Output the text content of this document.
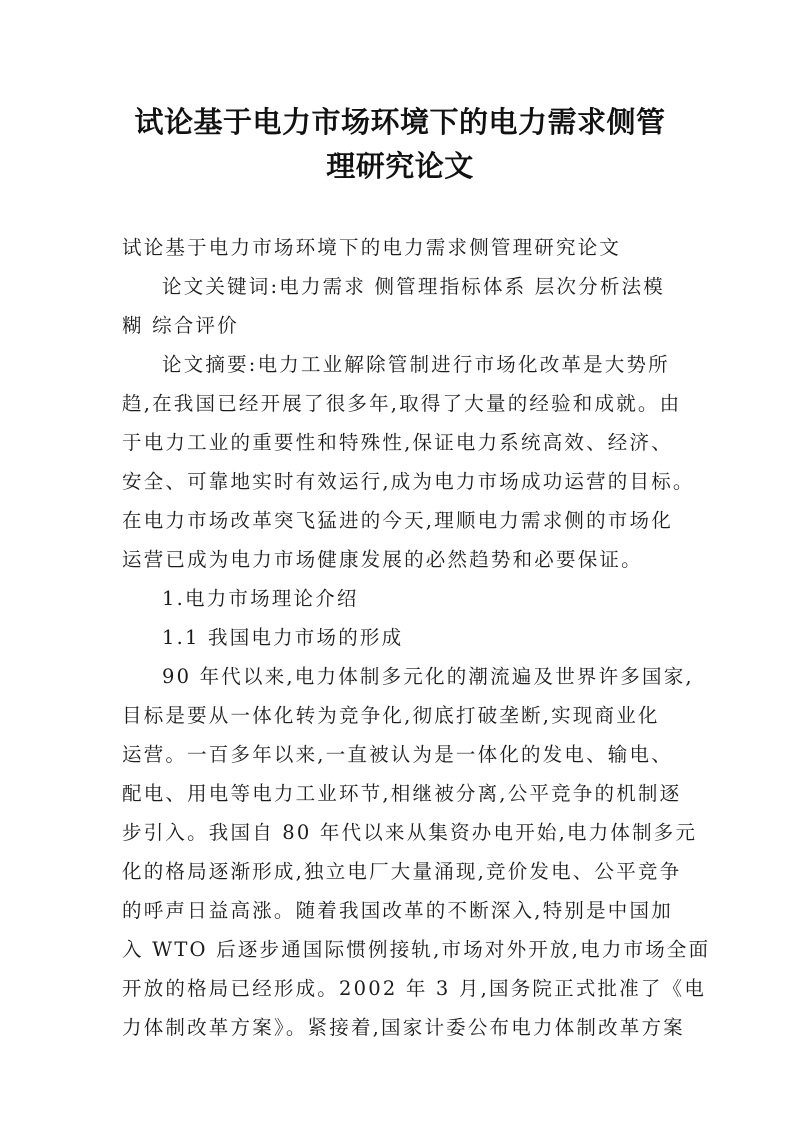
试论基于电力市场环境下的电力需求侧管
理研究论文
试论基于电力市场环境下的电力需求侧管理研究论文
论文关键词:电力需求 侧管理指标体系 层次分析法模
糊 综合评价
论文摘要:电力工业解除管制进行市场化改革是大势所
趋,在我国已经开展了很多年,取得了大量的经验和成就。由
于电力工业的重要性和特殊性,保证电力系统高效、经济、
安全、可靠地实时有效运行,成为电力市场成功运营的目标。
在电力市场改革突飞猛进的今天,理顺电力需求侧的市场化
运营已成为电力市场健康发展的必然趋势和必要保证。
1.电力市场理论介绍
1.1 我国电力市场的形成
90 年代以来,电力体制多元化的潮流遍及世界许多国家,
目标是要从一体化转为竞争化,彻底打破垄断,实现商业化
运营。一百多年以来,一直被认为是一体化的发电、输电、
配电、用电等电力工业环节,相继被分离,公平竞争的机制逐
步引入。我国自 80 年代以来从集资办电开始,电力体制多元
化的格局逐渐形成,独立电厂大量涌现,竞价发电、公平竞争
的呼声日益高涨。随着我国改革的不断深入,特别是中国加
入 WTO 后逐步通国际惯例接轨,市场对外开放,电力市场全面
开放的格局已经形成。2002 年 3 月,国务院正式批准了《电
力体制改革方案》。紧接着,国家计委公布电力体制改革方案
